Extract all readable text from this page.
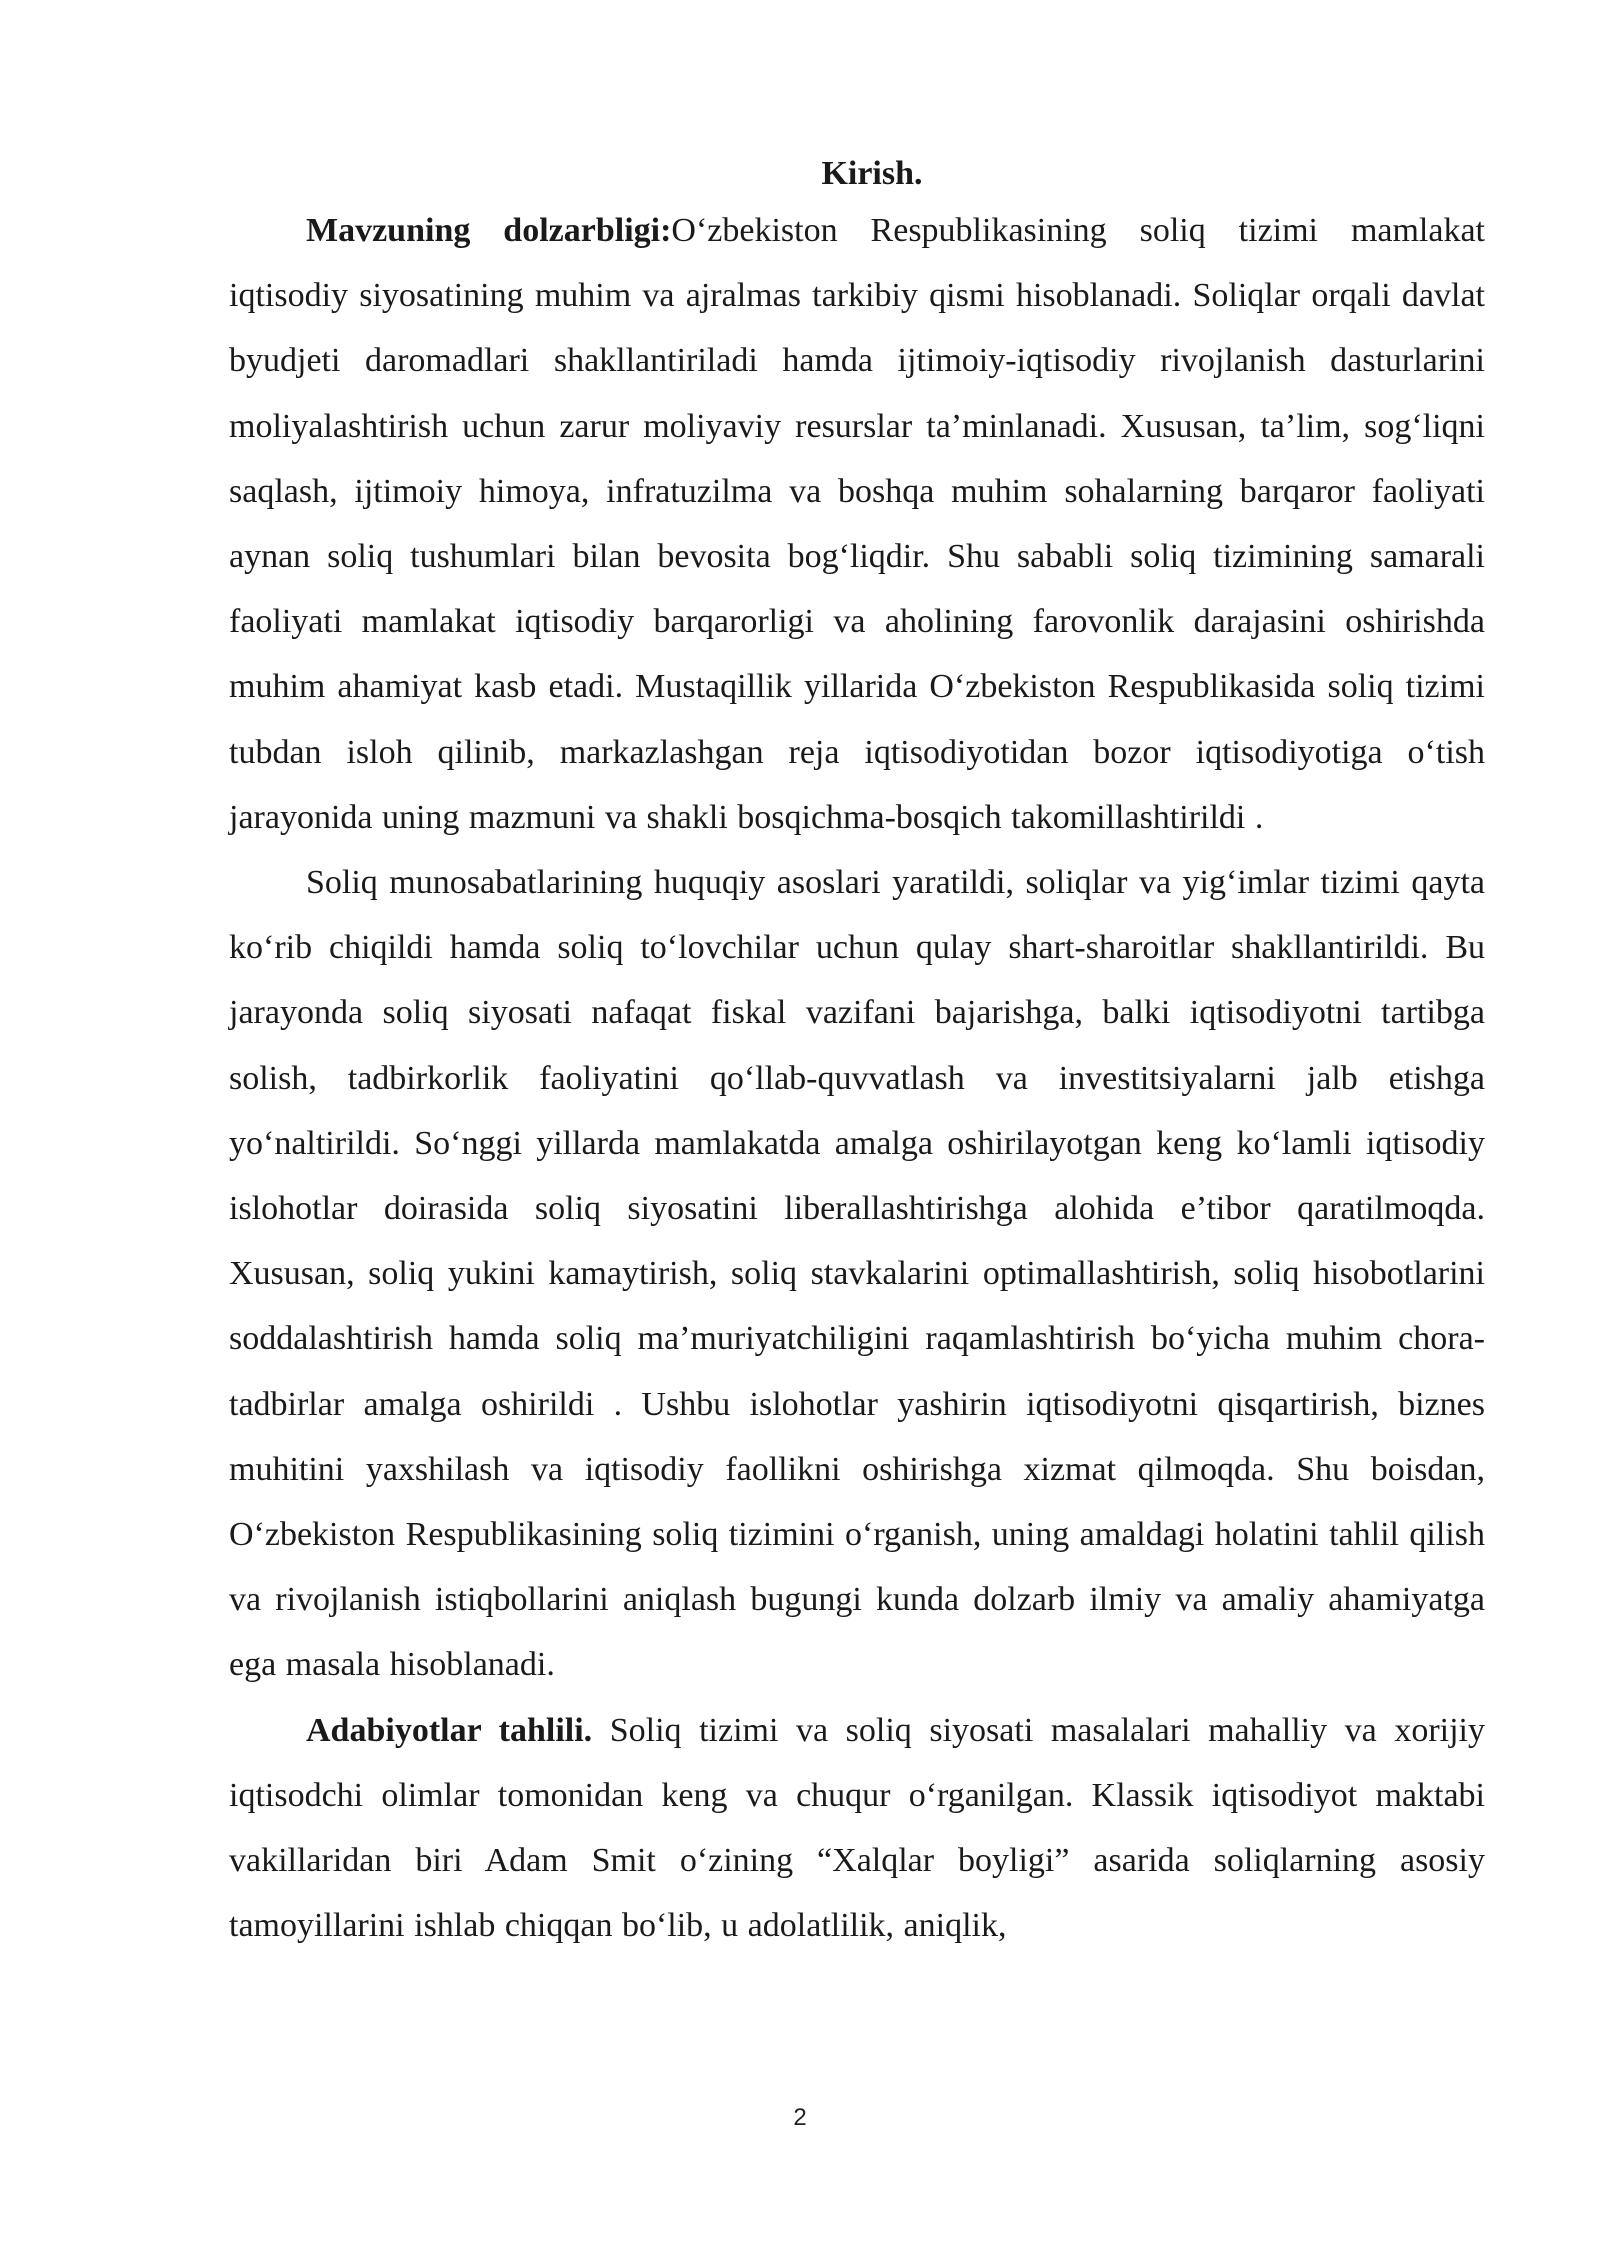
Kirish.

Mavzuning dolzarbligi:O‘zbekiston Respublikasining soliq tizimi mamlakat iqtisodiy siyosatining muhim va ajralmas tarkibiy qismi hisoblanadi. Soliqlar orqali davlat byudjeti daromadlari shakllantiriladi hamda ijtimoiy-iqtisodiy rivojlanish dasturlarini moliyalashtirish uchun zarur moliyaviy resurslar ta’minlanadi. Xususan, ta’lim, sog‘liqni saqlash, ijtimoiy himoya, infratuzilma va boshqa muhim sohalarning barqaror faoliyati aynan soliq tushumlari bilan bevosita bog‘liqdir. Shu sababli soliq tizimining samarali faoliyati mamlakat iqtisodiy barqarorligi va aholining farovonlik darajasini oshirishda muhim ahamiyat kasb etadi. Mustaqillik yillarida O‘zbekiston Respublikasida soliq tizimi tubdan isloh qilinib, markazlashgan reja iqtisodiyotidan bozor iqtisodiyotiga o‘tish jarayonida uning mazmuni va shakli bosqichma-bosqich takomillashtirildi .

Soliq munosabatlarining huquqiy asoslari yaratildi, soliqlar va yig‘imlar tizimi qayta ko‘rib chiqildi hamda soliq to‘lovchilar uchun qulay shart-sharoitlar shakllantirildi. Bu jarayonda soliq siyosati nafaqat fiskal vazifani bajarishga, balki iqtisodiyotni tartibga solish, tadbirkorlik faoliyatini qo‘llab-quvvatlash va investitsiyalarni jalb etishga yo‘naltirildi. So‘nggi yillarda mamlakatda amalga oshirilayotgan keng ko‘lamli iqtisodiy islohotlar doirasida soliq siyosatini liberallashtirishga alohida e’tibor qaratilmoqda. Xususan, soliq yukini kamaytirish, soliq stavkalarini optimallashtirish, soliq hisobotlarini soddalashtirish hamda soliq ma’muriyatchiligini raqamlashtirish bo‘yicha muhim chora-tadbirlar amalga oshirildi . Ushbu islohotlar yashirin iqtisodiyotni qisqartirish, biznes muhitini yaxshilash va iqtisodiy faollikni oshirishga xizmat qilmoqda. Shu boisdan, O‘zbekiston Respublikasining soliq tizimini o‘rganish, uning amaldagi holatini tahlil qilish va rivojlanish istiqbollarini aniqlash bugungi kunda dolzarb ilmiy va amaliy ahamiyatga ega masala hisoblanadi.

Adabiyotlar tahlili. Soliq tizimi va soliq siyosati masalalari mahalliy va xorijiy iqtisodchi olimlar tomonidan keng va chuqur o‘rganilgan. Klassik iqtisodiyot maktabi vakillaridan biri Adam Smit o‘zining “Xalqlar boyligi” asarida soliqlarning asosiy tamoyillarini ishlab chiqqan bo‘lib, u adolatlilik, aniqlik,

2
